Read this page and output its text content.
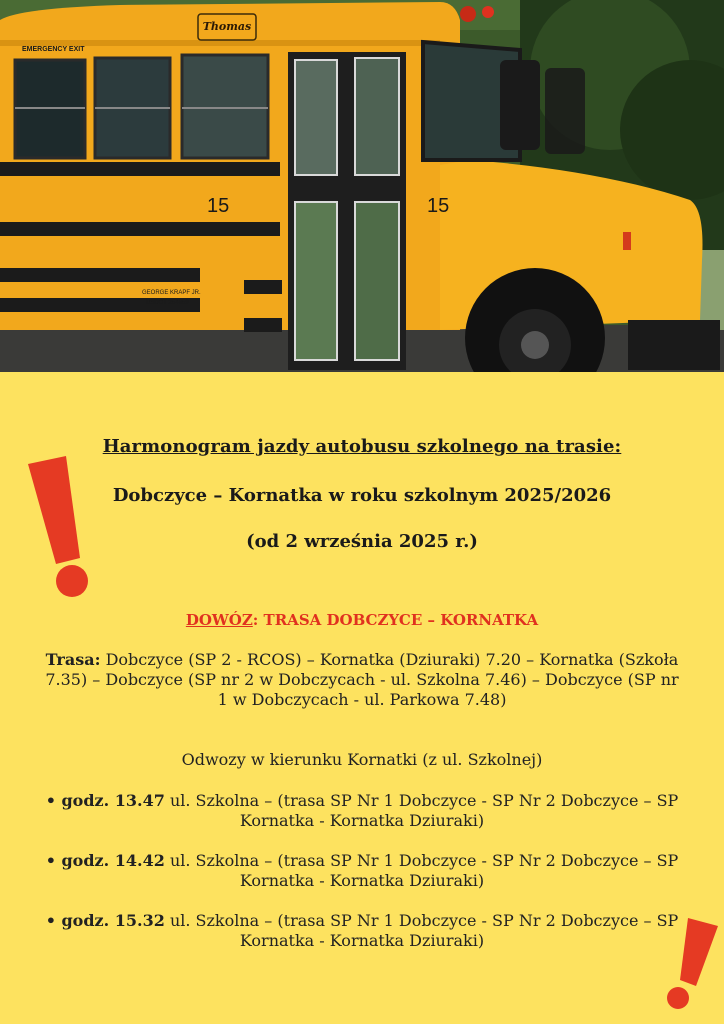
Thomas
EMERGENCY EXIT
15	15
GEORGE KRAPF JR.
USDOT 254859
Harmonogram jazdy autobusu szkolnego na trasie:
Dobczyce – Kornatka w roku szkolnym 2025/2026
(od 2 września 2025 r.)
DOWÓZ: TRASA DOBCZYCE – KORNATKA
Trasa: Dobczyce (SP 2 - RCOS) – Kornatka (Dziuraki) 7.20 – Kornatka (Szkoła 7.35) – Dobczyce (SP nr 2 w Dobczycach - ul. Szkolna 7.46) – Dobczyce (SP nr 1 w Dobczycach - ul. Parkowa 7.48)
Odwozy w kierunku Kornatki (z ul. Szkolnej)
• godz. 13.47 ul. Szkolna – (trasa SP Nr 1 Dobczyce - SP Nr 2 Dobczyce – SP Kornatka - Kornatka Dziuraki)
• godz. 14.42 ul. Szkolna – (trasa SP Nr 1 Dobczyce - SP Nr 2 Dobczyce – SP Kornatka - Kornatka Dziuraki)
• godz. 15.32 ul. Szkolna – (trasa SP Nr 1 Dobczyce - SP Nr 2 Dobczyce – SP Kornatka - Kornatka Dziuraki)
